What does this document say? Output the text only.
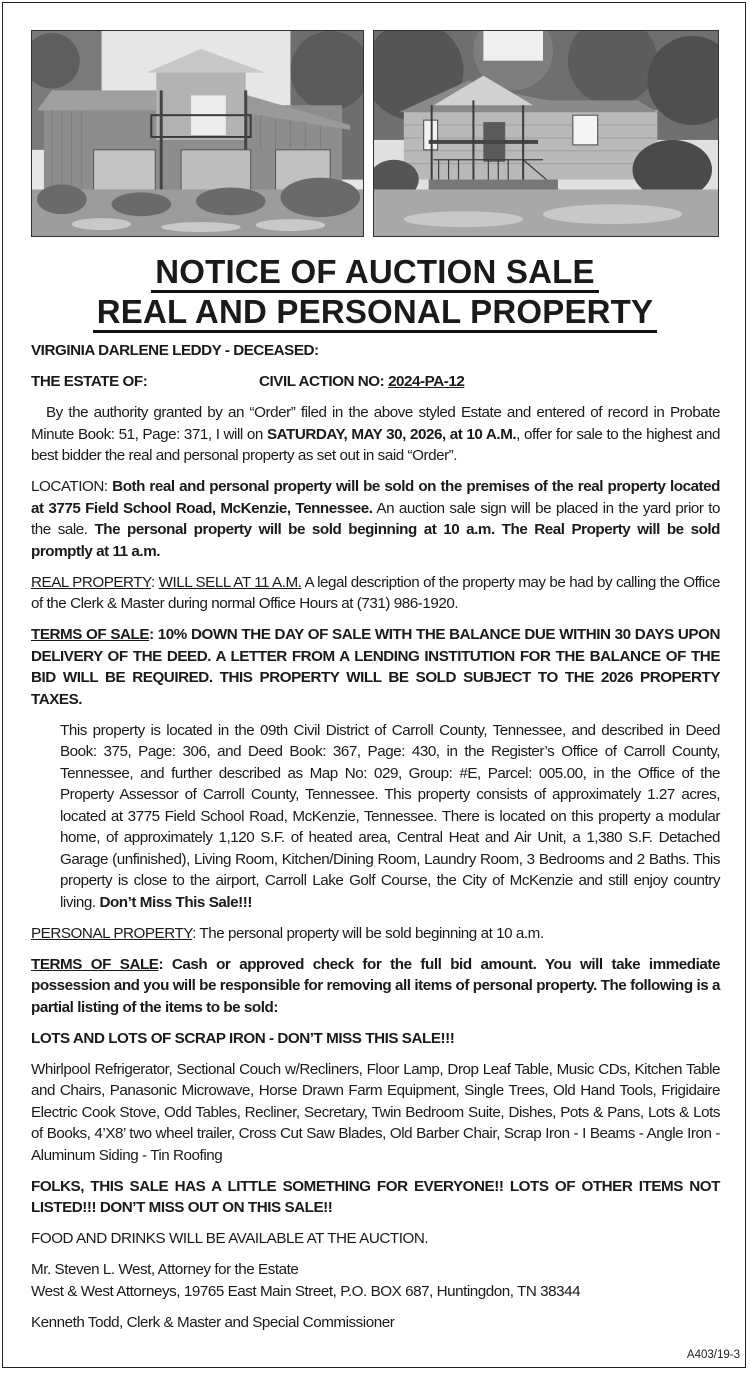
NOTICE OF AUCTION SALE
REAL AND PERSONAL PROPERTY

VIRGINIA DARLENE LEDDY - DECEASED:

THE ESTATE OF:	CIVIL ACTION NO: 2024-PA-12

By the authority granted by an “Order” filed in the above styled Estate and entered of record in Probate Minute Book: 51, Page: 371, I will on SATURDAY, MAY 30, 2026, at 10 A.M., offer for sale to the highest and best bidder the real and personal property as set out in said “Order”.

LOCATION: Both real and personal property will be sold on the premises of the real property located at 3775 Field School Road, McKenzie, Tennessee. An auction sale sign will be placed in the yard prior to the sale. The personal property will be sold beginning at 10 a.m. The Real Property will be sold promptly at 11 a.m.

REAL PROPERTY: WILL SELL AT 11 A.M. A legal description of the property may be had by calling the Office of the Clerk & Master during normal Office Hours at (731) 986-1920.

TERMS OF SALE: 10% DOWN THE DAY OF SALE WITH THE BALANCE DUE WITHIN 30 DAYS UPON DELIVERY OF THE DEED. A LETTER FROM A LENDING INSTITUTION FOR THE BALANCE OF THE BID WILL BE REQUIRED. THIS PROPERTY WILL BE SOLD SUBJECT TO THE 2026 PROPERTY TAXES.

This property is located in the 09th Civil District of Carroll County, Tennessee, and described in Deed Book: 375, Page: 306, and Deed Book: 367, Page: 430, in the Register’s Office of Carroll County, Tennessee, and further described as Map No: 029, Group: #E, Parcel: 005.00, in the Office of the Property Assessor of Carroll County, Tennessee. This property consists of approximately 1.27 acres, located at 3775 Field School Road, McKenzie, Tennessee. There is located on this property a modular home, of approximately 1,120 S.F. of heated area, Central Heat and Air Unit, a 1,380 S.F. Detached Garage (unfinished), Living Room, Kitchen/Dining Room, Laundry Room, 3 Bedrooms and 2 Baths. This property is close to the airport, Carroll Lake Golf Course, the City of McKenzie and still enjoy country living. Don’t Miss This Sale!!!

PERSONAL PROPERTY: The personal property will be sold beginning at 10 a.m.

TERMS OF SALE: Cash or approved check for the full bid amount. You will take immediate possession and you will be responsible for removing all items of personal property. The following is a partial listing of the items to be sold:

LOTS AND LOTS OF SCRAP IRON - DON’T MISS THIS SALE!!!

Whirlpool Refrigerator, Sectional Couch w/Recliners, Floor Lamp, Drop Leaf Table, Music CDs, Kitchen Table and Chairs, Panasonic Microwave, Horse Drawn Farm Equipment, Single Trees, Old Hand Tools, Frigidaire Electric Cook Stove, Odd Tables, Recliner, Secretary, Twin Bedroom Suite, Dishes, Pots & Pans, Lots & Lots of Books, 4’X8’ two wheel trailer, Cross Cut Saw Blades, Old Barber Chair, Scrap Iron - I Beams - Angle Iron - Aluminum Siding - Tin Roofing

FOLKS, THIS SALE HAS A LITTLE SOMETHING FOR EVERYONE!! LOTS OF OTHER ITEMS NOT LISTED!!! DON’T MISS OUT ON THIS SALE!!

FOOD AND DRINKS WILL BE AVAILABLE AT THE AUCTION.

Mr. Steven L. West, Attorney for the Estate
West & West Attorneys, 19765 East Main Street, P.O. BOX 687, Huntingdon, TN 38344

Kenneth Todd, Clerk & Master and Special Commissioner

A403/19-3
